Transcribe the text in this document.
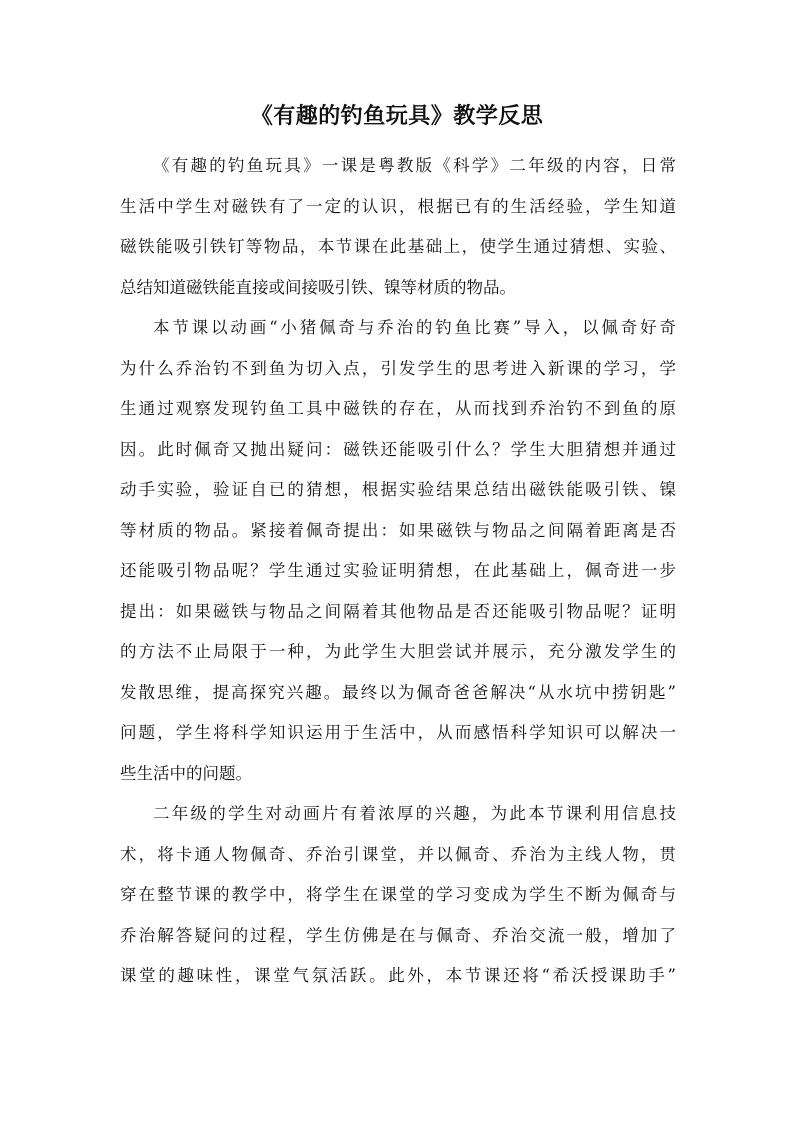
《有趣的钓鱼玩具》教学反思
《有趣的钓鱼玩具》一课是粤教版《科学》二年级的内容，日常
生活中学生对磁铁有了一定的认识，根据已有的生活经验，学生知道
磁铁能吸引铁钉等物品，本节课在此基础上，使学生通过猜想、实验、
总结知道磁铁能直接或间接吸引铁、镍等材质的物品。
本节课以动画“小猪佩奇与乔治的钓鱼比赛”导入，以佩奇好奇
为什么乔治钓不到鱼为切入点，引发学生的思考进入新课的学习，学
生通过观察发现钓鱼工具中磁铁的存在，从而找到乔治钓不到鱼的原
因。此时佩奇又抛出疑问：磁铁还能吸引什么？学生大胆猜想并通过
动手实验，验证自已的猜想，根据实验结果总结出磁铁能吸引铁、镍
等材质的物品。紧接着佩奇提出：如果磁铁与物品之间隔着距离是否
还能吸引物品呢？学生通过实验证明猜想，在此基础上，佩奇进一步
提出：如果磁铁与物品之间隔着其他物品是否还能吸引物品呢？证明
的方法不止局限于一种，为此学生大胆尝试并展示，充分激发学生的
发散思维，提高探究兴趣。最终以为佩奇爸爸解决“从水坑中捞钥匙”
问题，学生将科学知识运用于生活中，从而感悟科学知识可以解决一
些生活中的问题。
二年级的学生对动画片有着浓厚的兴趣，为此本节课利用信息技
术，将卡通人物佩奇、乔治引课堂，并以佩奇、乔治为主线人物，贯
穿在整节课的教学中，将学生在课堂的学习变成为学生不断为佩奇与
乔治解答疑问的过程，学生仿佛是在与佩奇、乔治交流一般，增加了
课堂的趣味性，课堂气氛活跃。此外，本节课还将“希沃授课助手”
